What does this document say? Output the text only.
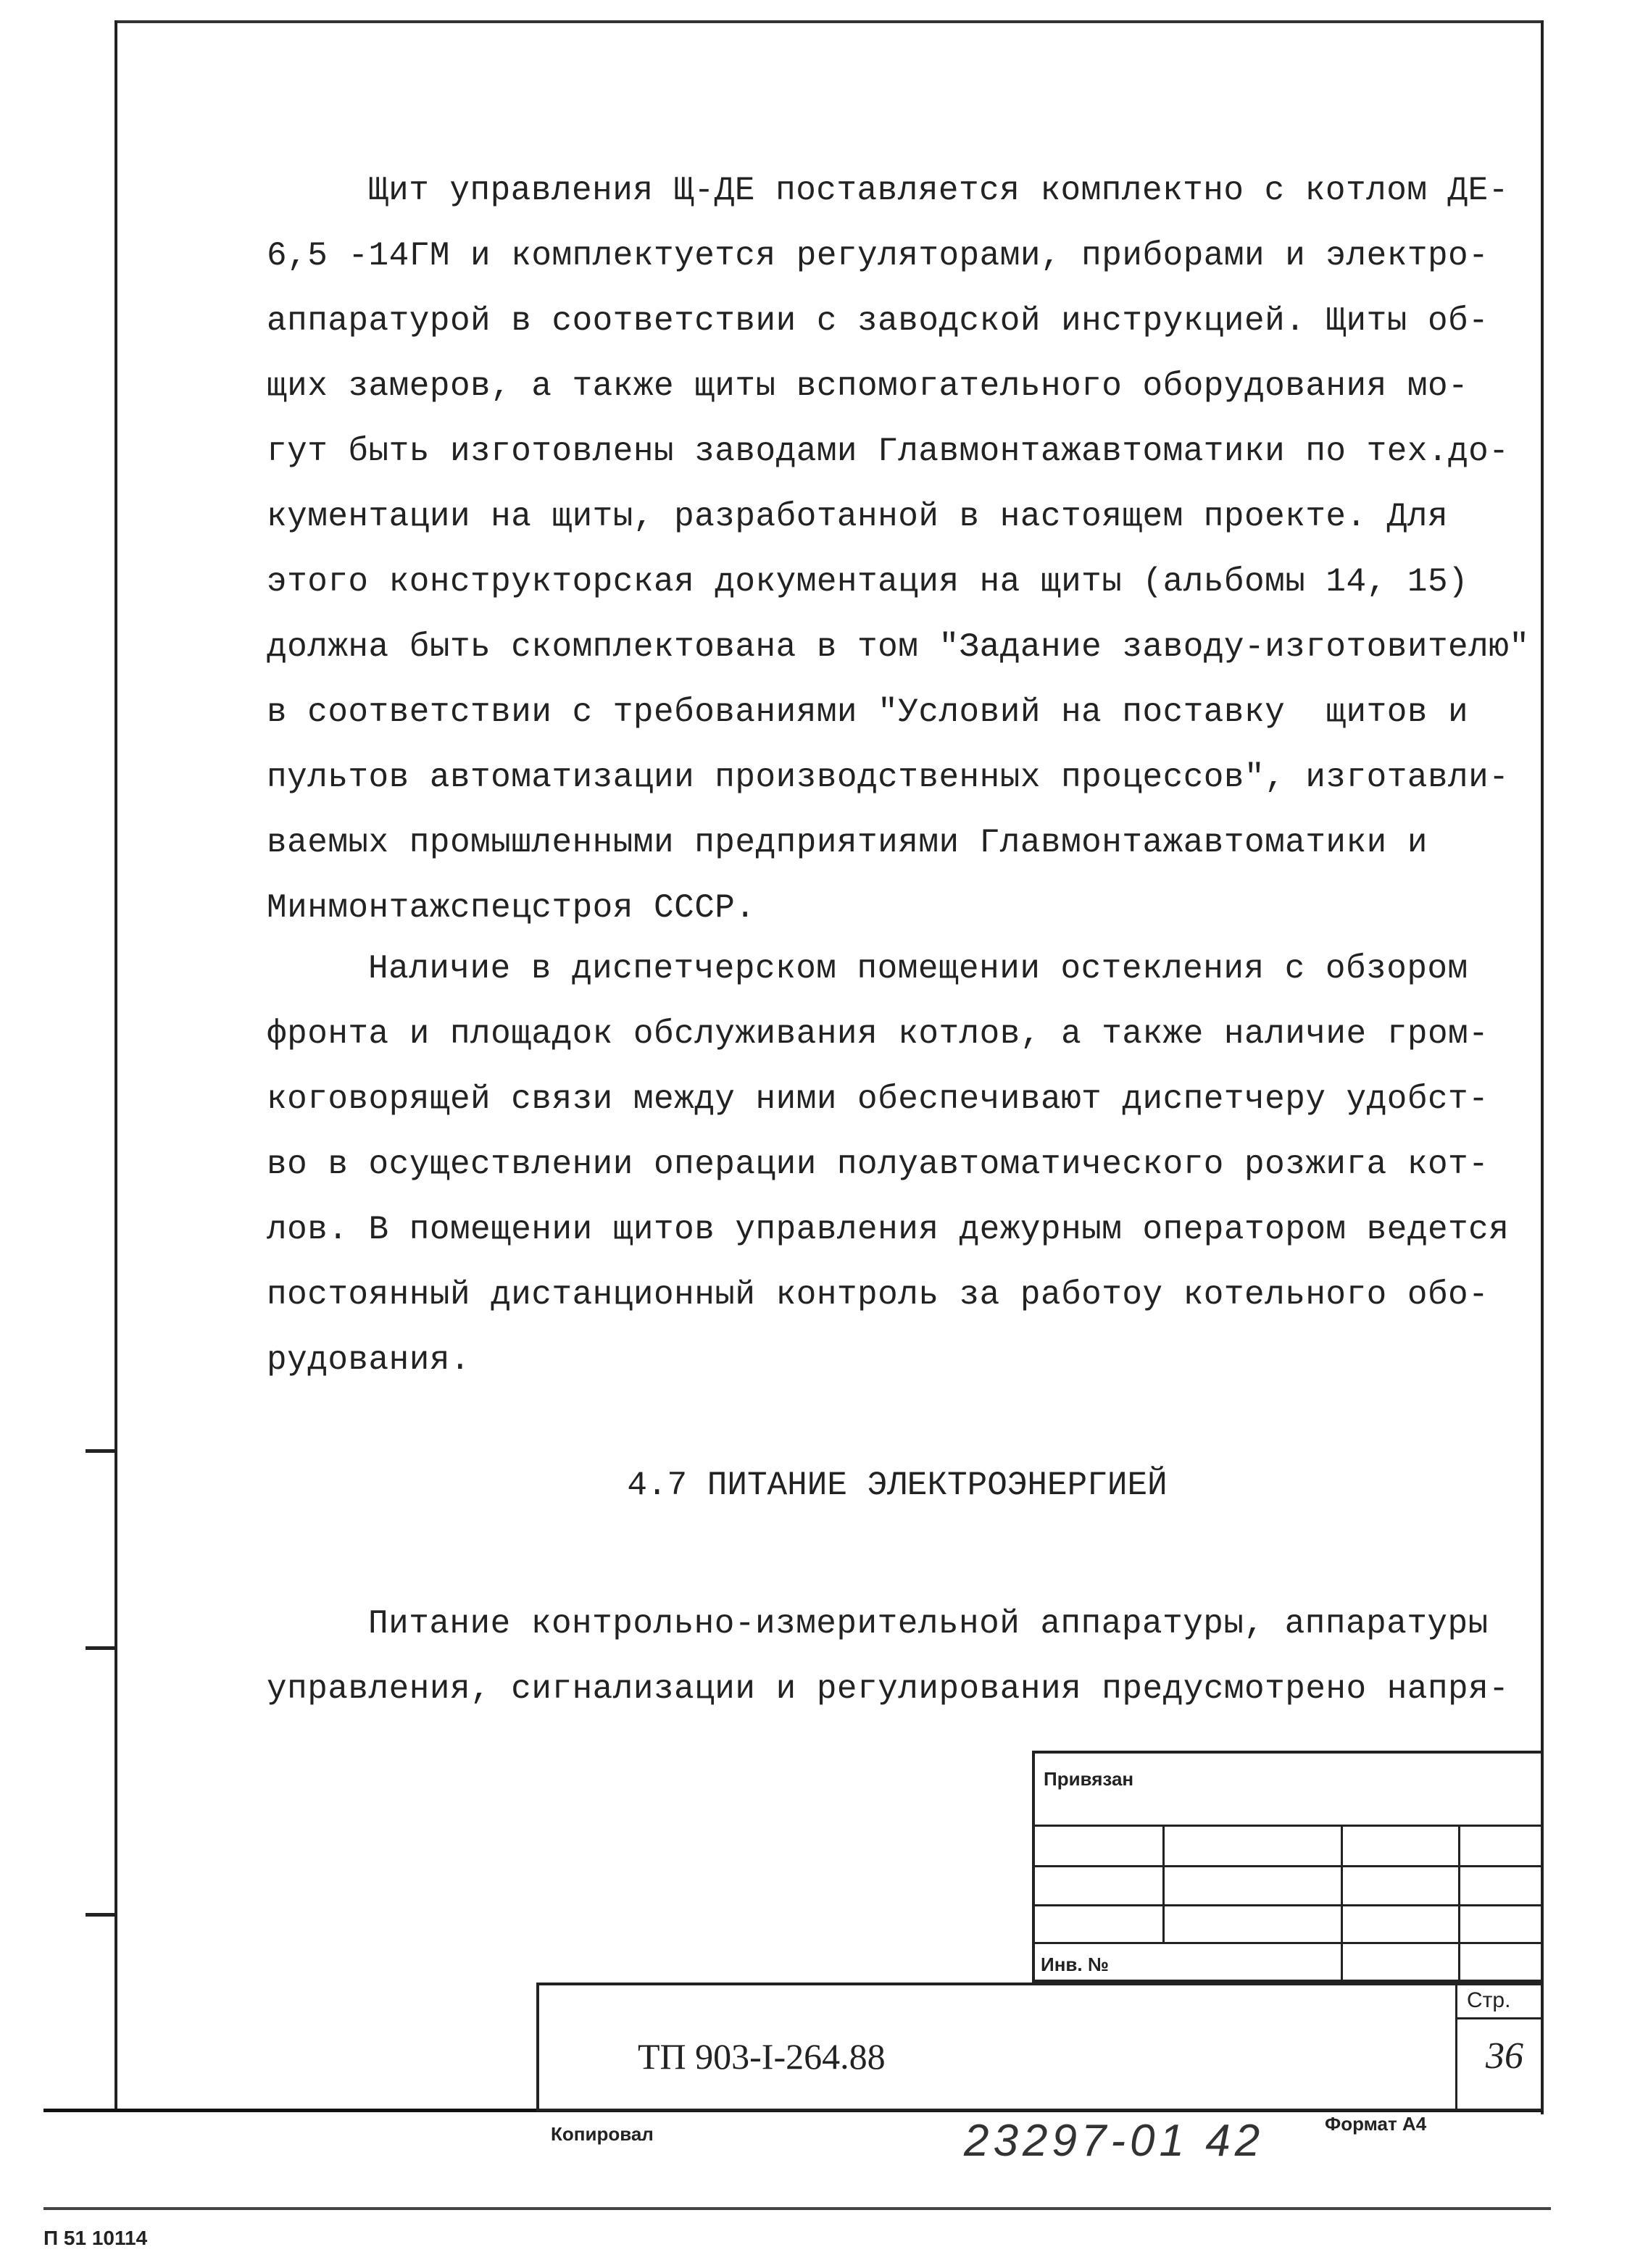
Щит управления Щ-ДЕ поставляется комплектно с котлом ДЕ-
6,5 -14ГМ и комплектуется регуляторами, приборами и электро-
аппаратурой в соответствии с заводской инструкцией. Щиты об-
щих замеров, а также щиты вспомогательного оборудования мо-
гут быть изготовлены заводами Главмонтажавтоматики по тех.до-
кументации на щиты, разработанной в настоящем проекте. Для
этого конструкторская документация на щиты (альбомы 14, 15)
должна быть скомплектована в том "Задание заводу-изготовителю"
в соответствии с требованиями "Условий на поставку  щитов и
пультов автоматизации производственных процессов", изготавли-
ваемых промышленными предприятиями Главмонтажавтоматики и
Минмонтажспецстроя СССР.
Наличие в диспетчерском помещении остекления с обзором
фронта и площадок обслуживания котлов, а также наличие гром-
коговорящей связи между ними обеспечивают диспетчеру удобст-
во в осуществлении операции полуавтоматического розжига кот-
лов. В помещении щитов управления дежурным оператором ведется
постоянный дистанционный контроль за работоу котельного обо-
рудования.
4.7 ПИТАНИЕ ЭЛЕКТРОЭНЕРГИЕЙ
Питание контрольно-измерительной аппаратуры, аппаратуры
управления, сигнализации и регулирования предусмотрено напря-
Привязан
Инв. №
Стр.
ТП 903-I-264.88	36
Копировал	23297-01 42	Формат А4
П 51 10114
